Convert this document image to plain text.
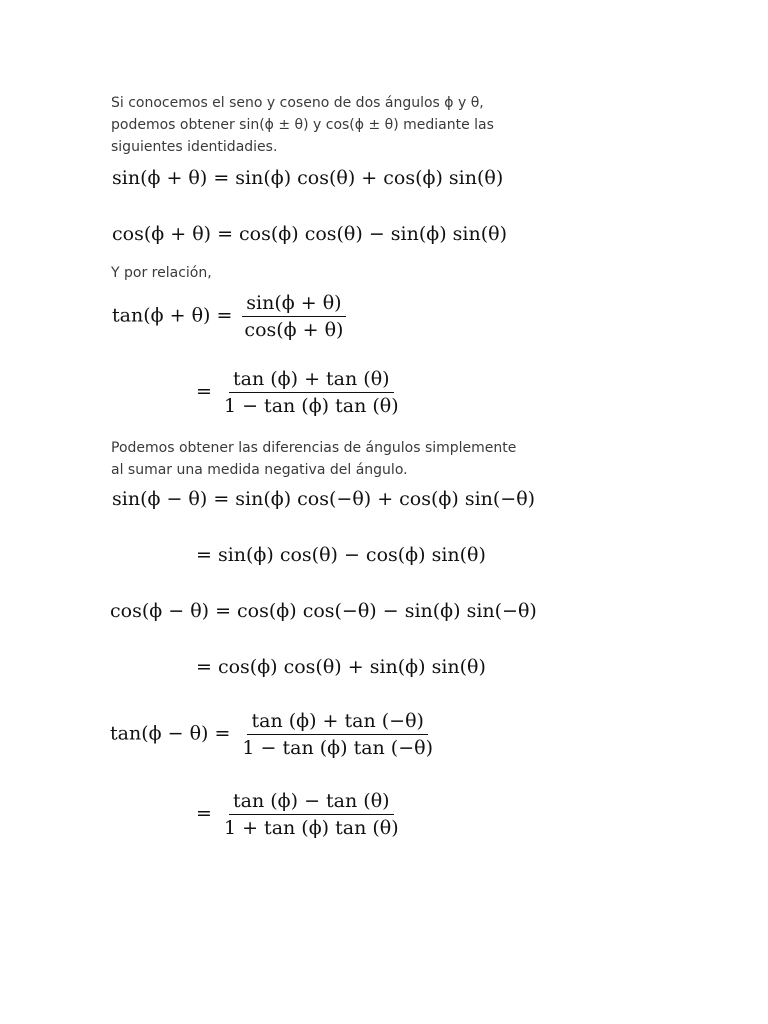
Si conocemos el seno y coseno de dos ángulos ϕ y θ, podemos obtener sin(ϕ ± θ) y cos(ϕ ± θ) mediante las siguientes identidadies.
sin(ϕ + θ) = sin(ϕ) cos(θ) + cos(ϕ) sin(θ)
cos(ϕ + θ) = cos(ϕ) cos(θ) − sin(ϕ) sin(θ)
Y por relación,
$\tan(\phi + \theta) = \frac{\sin(\phi + \theta)}{\cos(\phi + \theta)}$
= $\frac{\tan (\phi) + \tan (\theta)}{1 - \tan (\phi) \tan (\theta)}$
Podemos obtener las diferencias de ángulos simplemente al sumar una medida negativa del ángulo.
sin(ϕ − θ) = sin(ϕ) cos(−θ) + cos(ϕ) sin(−θ)
= sin(ϕ) cos(θ) − cos(ϕ) sin(θ)
cos(ϕ − θ) = cos(ϕ) cos(−θ) − sin(ϕ) sin(−θ)
= cos(ϕ) cos(θ) + sin(ϕ) sin(θ)
$\tan(\phi - \theta) = \frac{\tan (\phi) + \tan (-\theta)}{1 - \tan (\phi) \tan (-\theta)}$
= $\frac{\tan (\phi) - \tan (\theta)}{1 + \tan (\phi) \tan (\theta)}$
